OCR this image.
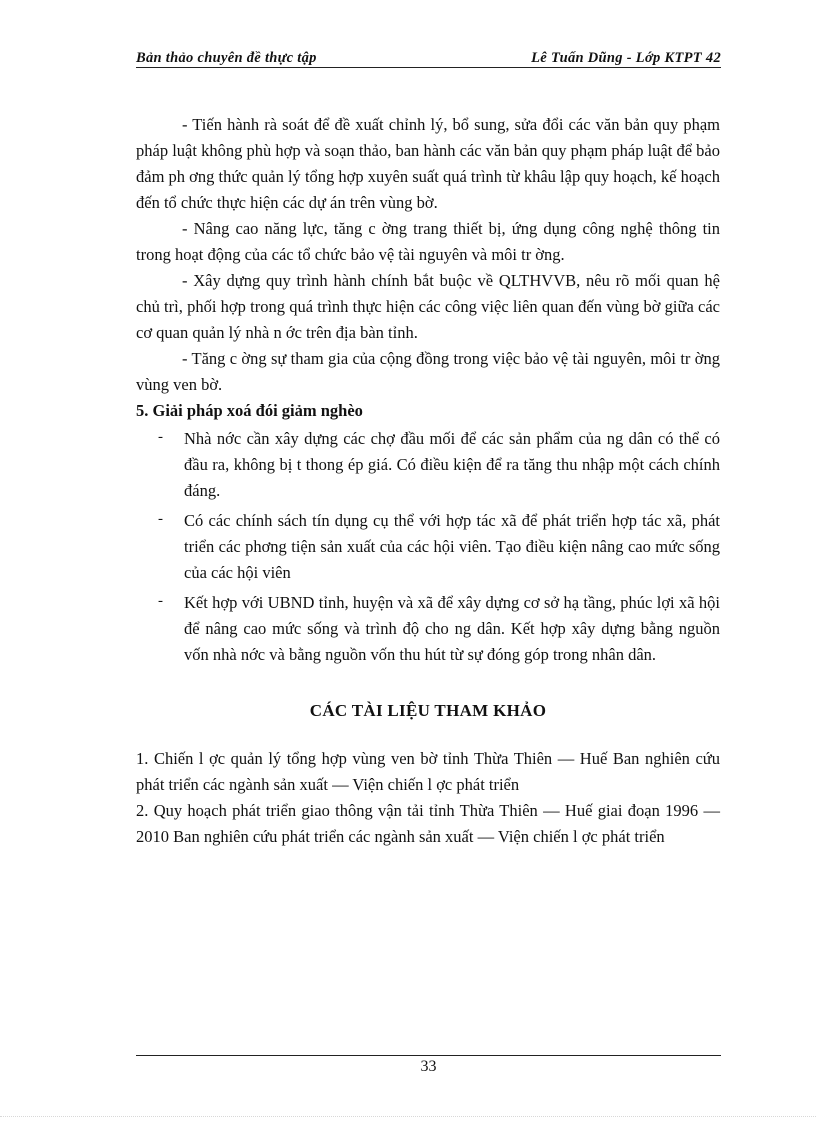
Bản thảo chuyên đề thực tập	Lê Tuấn Dũng - Lớp KTPT 42

- Tiến hành rà soát để đề xuất chỉnh lý, bổ sung, sửa đổi các văn bản quy phạm pháp luật không phù hợp và soạn thảo, ban hành các văn bản quy phạm pháp luật để bảo đảm ph ơng thức quản lý tổng hợp xuyên suất quá trình từ khâu lập quy hoạch, kế hoạch đến tổ chức thực hiện các dự án trên vùng bờ.

- Nâng cao năng lực, tăng c ờng trang thiết bị, ứng dụng công nghệ thông tin trong hoạt động của các tổ chức bảo vệ tài nguyên và môi tr ờng.

- Xây dựng quy trình hành chính bắt buộc về QLTHVVB, nêu rõ mối quan hệ chủ trì, phối hợp trong quá trình thực hiện các công việc liên quan đến vùng bờ giữa các cơ quan quản lý nhà n ớc trên địa bàn tỉnh.

- Tăng c ờng sự tham gia của cộng đồng trong việc bảo vệ tài nguyên, môi tr ờng vùng ven bờ.

5. Giải pháp xoá đói giảm nghèo

- Nhà nớc cần xây dựng các chợ đầu mối để các sản phẩm của ng dân có thể có đầu ra, không bị t thong ép giá. Có điều kiện để ra tăng thu nhập một cách chính đáng.
- Có các chính sách tín dụng cụ thể với hợp tác xã để phát triển hợp tác xã, phát triển các phơng tiện sản xuất của các hội viên. Tạo điều kiện nâng cao mức sống của các hội viên
- Kết hợp với UBND tỉnh, huyện và xã để xây dựng cơ sở hạ tầng, phúc lợi xã hội để nâng cao mức sống và trình độ cho ng dân. Kết hợp xây dựng bằng nguồn vốn nhà nớc và bằng nguồn vốn thu hút từ sự đóng góp trong nhân dân.

CÁC TÀI LIỆU THAM KHẢO

1. Chiến l ợc quản lý tổng hợp vùng ven bờ tỉnh Thừa Thiên — Huế Ban nghiên cứu phát triển các ngành sản xuất — Viện chiến l ợc phát triển

2. Quy hoạch phát triển giao thông vận tải tỉnh Thừa Thiên — Huế giai đoạn 1996 — 2010 Ban nghiên cứu phát triển các ngành sản xuất — Viện chiến l ợc phát triển

33
